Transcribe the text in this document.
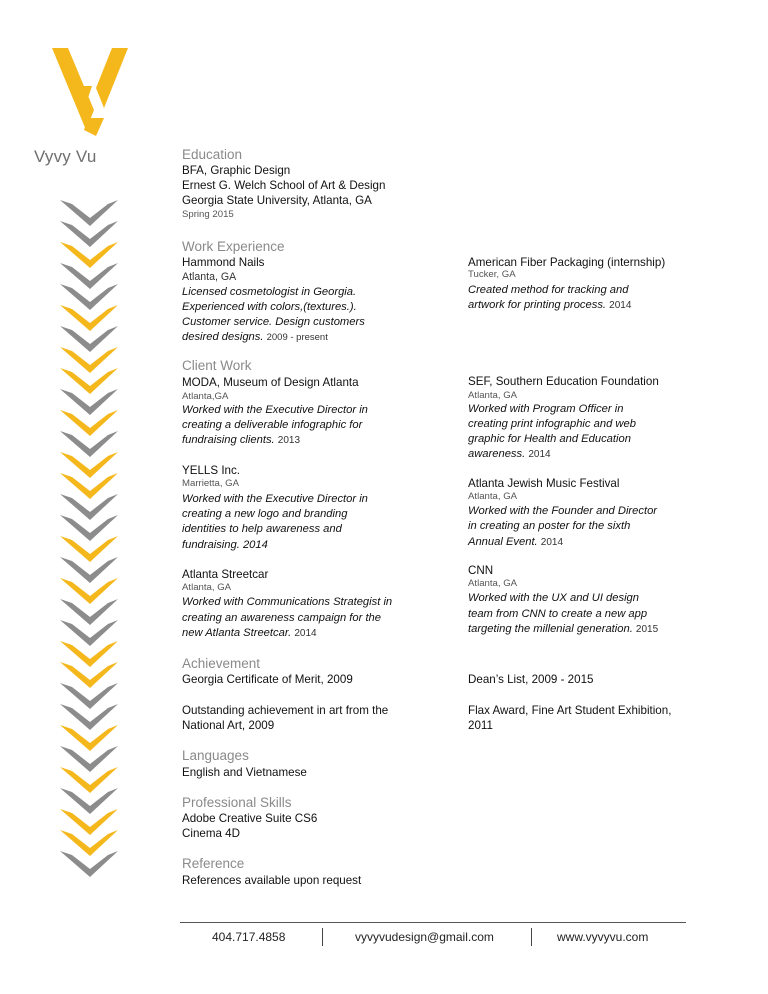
Vyvy Vu	Education
BFA, Graphic Design
Ernest G. Welch School of Art & Design
Georgia State University, Atlanta, GA
Spring 2015
Work Experience
Hammond Nails
Atlanta, GA
Licensed cosmetologist in Georgia.
Experienced with colors,(textures.).
Customer service. Design customers
desired designs. 2009 - present
American Fiber Packaging (internship)
Tucker, GA
Created method for tracking and
artwork for printing process. 2014
Client Work
MODA, Museum of Design Atlanta
Atlanta,GA
Worked with the Executive Director in
creating a deliverable infographic for
fundraising clients. 2013
SEF, Southern Education Foundation
Atlanta, GA
Worked with Program Officer in
creating print infographic and web
graphic for Health and Education
awareness. 2014
YELLS Inc.
Marrietta, GA
Worked with the Executive Director in
creating a new logo and branding
identities to help awareness and
fundraising. 2014
Atlanta Jewish Music Festival
Atlanta, GA
Worked with the Founder and Director
in creating an poster for the sixth
Annual Event. 2014
Atlanta Streetcar
Atlanta, GA
Worked with Communications Strategist in
creating an awareness campaign for the
new Atlanta Streetcar. 2014
CNN
Atlanta, GA
Worked with the UX and UI design
team from CNN to create a new app
targeting the millenial generation. 2015
Achievement
Georgia Certificate of Merit, 2009	Dean’s List, 2009 - 2015
Outstanding achievement in art from the
National Art, 2009
Flax Award, Fine Art Student Exhibition,
2011
Languages
English and Vietnamese
Professional Skills
Adobe Creative Suite CS6
Cinema 4D
Reference
References available upon request
404.717.4858	vyvyvudesign@gmail.com	www.vyvyvu.com
